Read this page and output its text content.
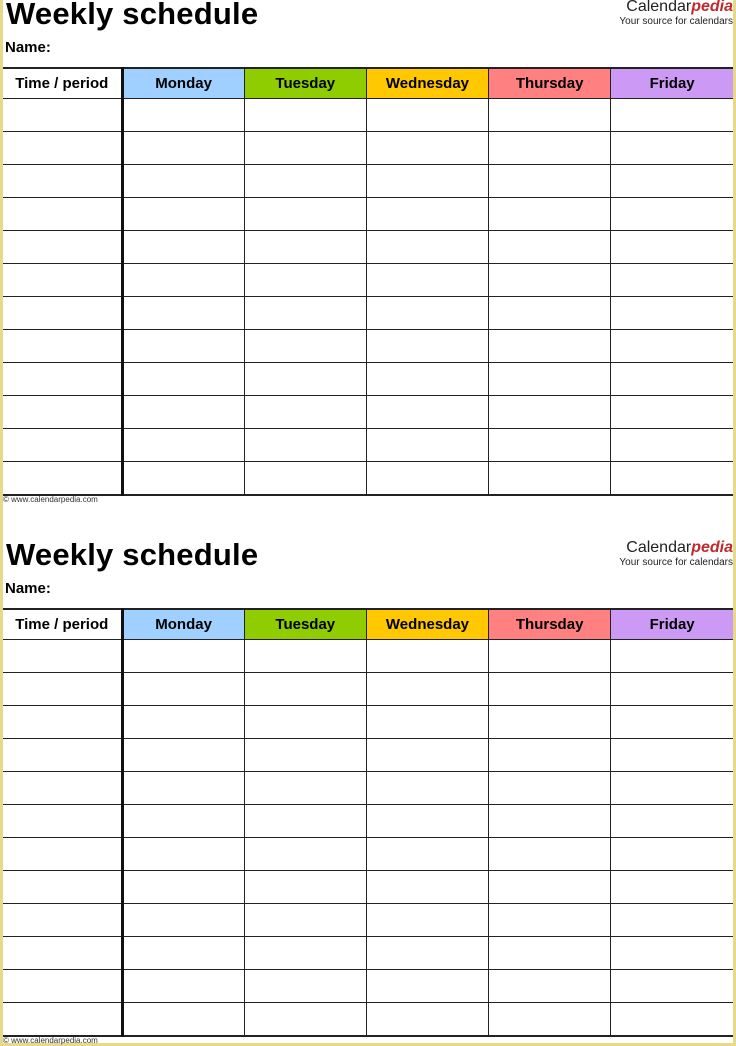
Weekly schedule
Name:
Calendarpedia
Your source for calendars
Time / period	Monday	Tuesday	Wednesday	Thursday	Friday

© www.calendarpedia.com
Weekly schedule
Name:
Calendarpedia
Your source for calendars
Time / period	Monday	Tuesday	Wednesday	Thursday	Friday

© www.calendarpedia.com
